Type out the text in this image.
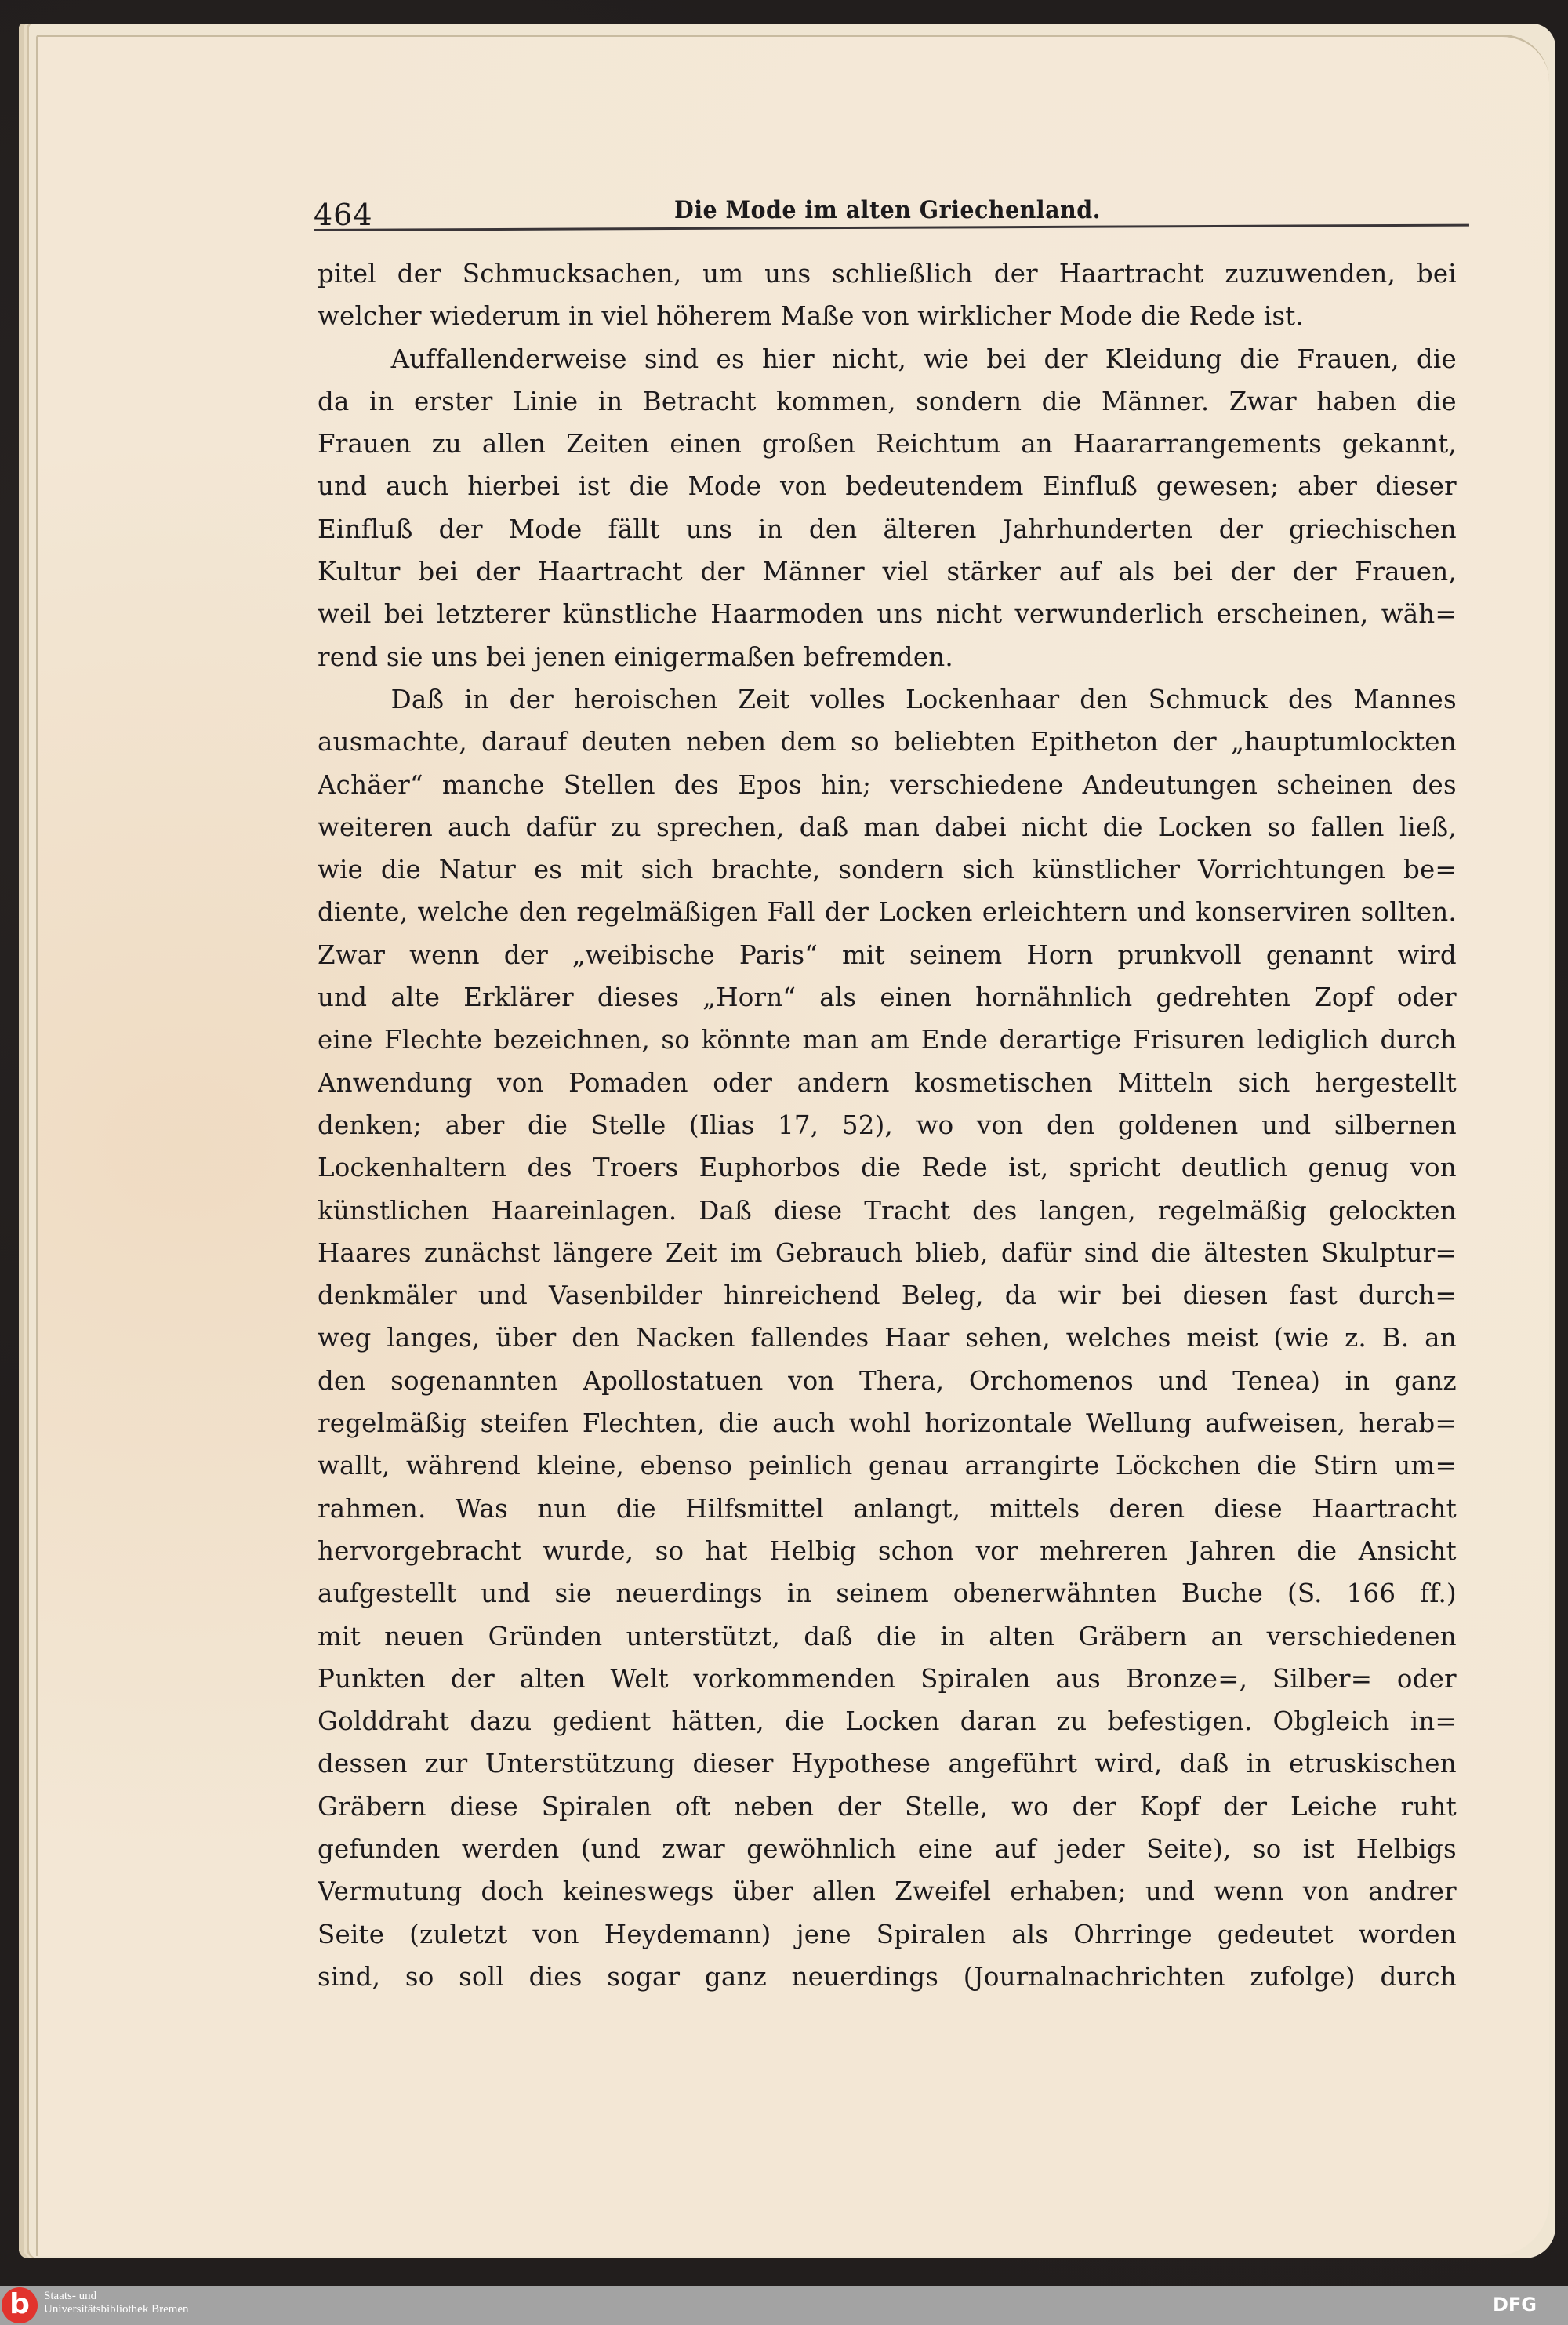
464	Die Mode im alten Griechenland.
pitel der Schmucksachen, um uns schließlich der Haartracht zuzuwenden, bei
welcher wiederum in viel höherem Maße von wirklicher Mode die Rede ist.
Auffallenderweise sind es hier nicht, wie bei der Kleidung die Frauen, die
da in erster Linie in Betracht kommen, sondern die Männer. Zwar haben die
Frauen zu allen Zeiten einen großen Reichtum an Haararrangements gekannt,
und auch hierbei ist die Mode von bedeutendem Einfluß gewesen; aber dieser
Einfluß der Mode fällt uns in den älteren Jahrhunderten der griechischen
Kultur bei der Haartracht der Männer viel stärker auf als bei der der Frauen,
weil bei letzterer künstliche Haarmoden uns nicht verwunderlich erscheinen, wäh=
rend sie uns bei jenen einigermaßen befremden.
Daß in der heroischen Zeit volles Lockenhaar den Schmuck des Mannes
ausmachte, darauf deuten neben dem so beliebten Epitheton der „hauptumlockten
Achäer“ manche Stellen des Epos hin; verschiedene Andeutungen scheinen des
weiteren auch dafür zu sprechen, daß man dabei nicht die Locken so fallen ließ,
wie die Natur es mit sich brachte, sondern sich künstlicher Vorrichtungen be=
diente, welche den regelmäßigen Fall der Locken erleichtern und konserviren sollten.
Zwar wenn der „weibische Paris“ mit seinem Horn prunkvoll genannt wird
und alte Erklärer dieses „Horn“ als einen hornähnlich gedrehten Zopf oder
eine Flechte bezeichnen, so könnte man am Ende derartige Frisuren lediglich durch
Anwendung von Pomaden oder andern kosmetischen Mitteln sich hergestellt
denken; aber die Stelle (Ilias 17, 52), wo von den goldenen und silbernen
Lockenhaltern des Troers Euphorbos die Rede ist, spricht deutlich genug von
künstlichen Haareinlagen. Daß diese Tracht des langen, regelmäßig gelockten
Haares zunächst längere Zeit im Gebrauch blieb, dafür sind die ältesten Skulptur=
denkmäler und Vasenbilder hinreichend Beleg, da wir bei diesen fast durch=
weg langes, über den Nacken fallendes Haar sehen, welches meist (wie z. B. an
den sogenannten Apollostatuen von Thera, Orchomenos und Tenea) in ganz
regelmäßig steifen Flechten, die auch wohl horizontale Wellung aufweisen, herab=
wallt, während kleine, ebenso peinlich genau arrangirte Löckchen die Stirn um=
rahmen. Was nun die Hilfsmittel anlangt, mittels deren diese Haartracht
hervorgebracht wurde, so hat Helbig schon vor mehreren Jahren die Ansicht
aufgestellt und sie neuerdings in seinem obenerwähnten Buche (S. 166 ff.)
mit neuen Gründen unterstützt, daß die in alten Gräbern an verschiedenen
Punkten der alten Welt vorkommenden Spiralen aus Bronze=, Silber= oder
Golddraht dazu gedient hätten, die Locken daran zu befestigen. Obgleich in=
dessen zur Unterstützung dieser Hypothese angeführt wird, daß in etruskischen
Gräbern diese Spiralen oft neben der Stelle, wo der Kopf der Leiche ruht
gefunden werden (und zwar gewöhnlich eine auf jeder Seite), so ist Helbigs
Vermutung doch keineswegs über allen Zweifel erhaben; und wenn von andrer
Seite (zuletzt von Heydemann) jene Spiralen als Ohrringe gedeutet worden
sind, so soll dies sogar ganz neuerdings (Journalnachrichten zufolge) durch
b	Staats- und
Universitätsbibliothek Bremen	DFG
